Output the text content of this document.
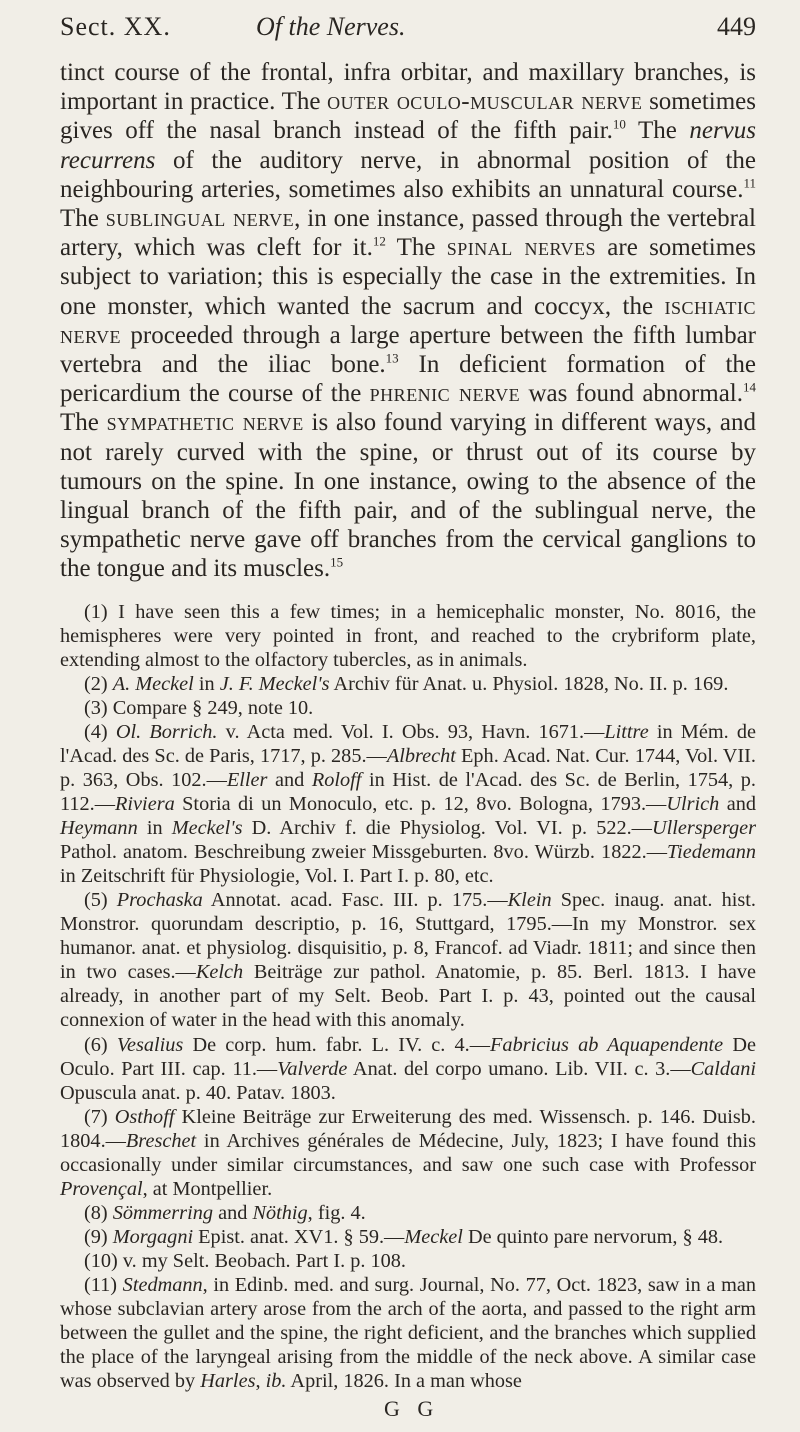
Sect. XX.	Of the Nerves.	449

tinct course of the frontal, infra orbitar, and maxillary branches, is important in practice. The outer oculo-muscular nerve sometimes gives off the nasal branch instead of the fifth pair.$^{10}$ The nervus recurrens of the auditory nerve, in abnormal position of the neighbouring arteries, sometimes also exhibits an unnatural course.$^{11}$ The sublingual nerve, in one instance, passed through the vertebral artery, which was cleft for it.$^{12}$ The spinal nerves are sometimes subject to variation; this is especially the case in the extremities. In one monster, which wanted the sacrum and coccyx, the ischiatic nerve proceeded through a large aperture between the fifth lumbar vertebra and the iliac bone.$^{13}$ In deficient formation of the pericardium the course of the phrenic nerve was found abnormal.$^{14}$ The sympathetic nerve is also found varying in different ways, and not rarely curved with the spine, or thrust out of its course by tumours on the spine. In one instance, owing to the absence of the lingual branch of the fifth pair, and of the sublingual nerve, the sympathetic nerve gave off branches from the cervical ganglions to the tongue and its muscles.$^{15}$

(1) I have seen this a few times; in a hemicephalic monster, No. 8016, the hemispheres were very pointed in front, and reached to the crybriform plate, extending almost to the olfactory tubercles, as in animals.

(2) A. Meckel in J. F. Meckel's Archiv für Anat. u. Physiol. 1828, No. II. p. 169.

(3) Compare § 249, note 10.

(4) Ol. Borrich. v. Acta med. Vol. I. Obs. 93, Havn. 1671.—Littre in Mém. de l'Acad. des Sc. de Paris, 1717, p. 285.—Albrecht Eph. Acad. Nat. Cur. 1744, Vol. VII. p. 363, Obs. 102.—Eller and Roloff in Hist. de l'Acad. des Sc. de Berlin, 1754, p. 112.—Riviera Storia di un Monoculo, etc. p. 12, 8vo. Bologna, 1793.—Ulrich and Heymann in Meckel's D. Archiv f. die Physiolog. Vol. VI. p. 522.—Ullersperger Pathol. anatom. Beschreibung zweier Missgeburten. 8vo. Würzb. 1822.—Tiedemann in Zeitschrift für Physiologie, Vol. I. Part I. p. 80, etc.

(5) Prochaska Annotat. acad. Fasc. III. p. 175.—Klein Spec. inaug. anat. hist. Monstror. quorundam descriptio, p. 16, Stuttgard, 1795.—In my Monstror. sex humanor. anat. et physiolog. disquisitio, p. 8, Francof. ad Viadr. 1811; and since then in two cases.—Kelch Beiträge zur pathol. Anatomie, p. 85. Berl. 1813. I have already, in another part of my Selt. Beob. Part I. p. 43, pointed out the causal connexion of water in the head with this anomaly.

(6) Vesalius De corp. hum. fabr. L. IV. c. 4.—Fabricius ab Aquapendente De Oculo. Part III. cap. 11.—Valverde Anat. del corpo umano. Lib. VII. c. 3.—Caldani Opuscula anat. p. 40. Patav. 1803.

(7) Osthoff Kleine Beiträge zur Erweiterung des med. Wissensch. p. 146. Duisb. 1804.—Breschet in Archives générales de Médecine, July, 1823; I have found this occasionally under similar circumstances, and saw one such case with Professor Provençal, at Montpellier.

(8) Sömmerring and Nöthig, fig. 4.

(9) Morgagni Epist. anat. XV1. § 59.—Meckel De quinto pare nervorum, § 48.

(10) v. my Selt. Beobach. Part I. p. 108.

(11) Stedmann, in Edinb. med. and surg. Journal, No. 77, Oct. 1823, saw in a man whose subclavian artery arose from the arch of the aorta, and passed to the right arm between the gullet and the spine, the right deficient, and the branches which supplied the place of the laryngeal arising from the middle of the neck above. A similar case was observed by Harles, ib. April, 1826. In a man whose

G G
